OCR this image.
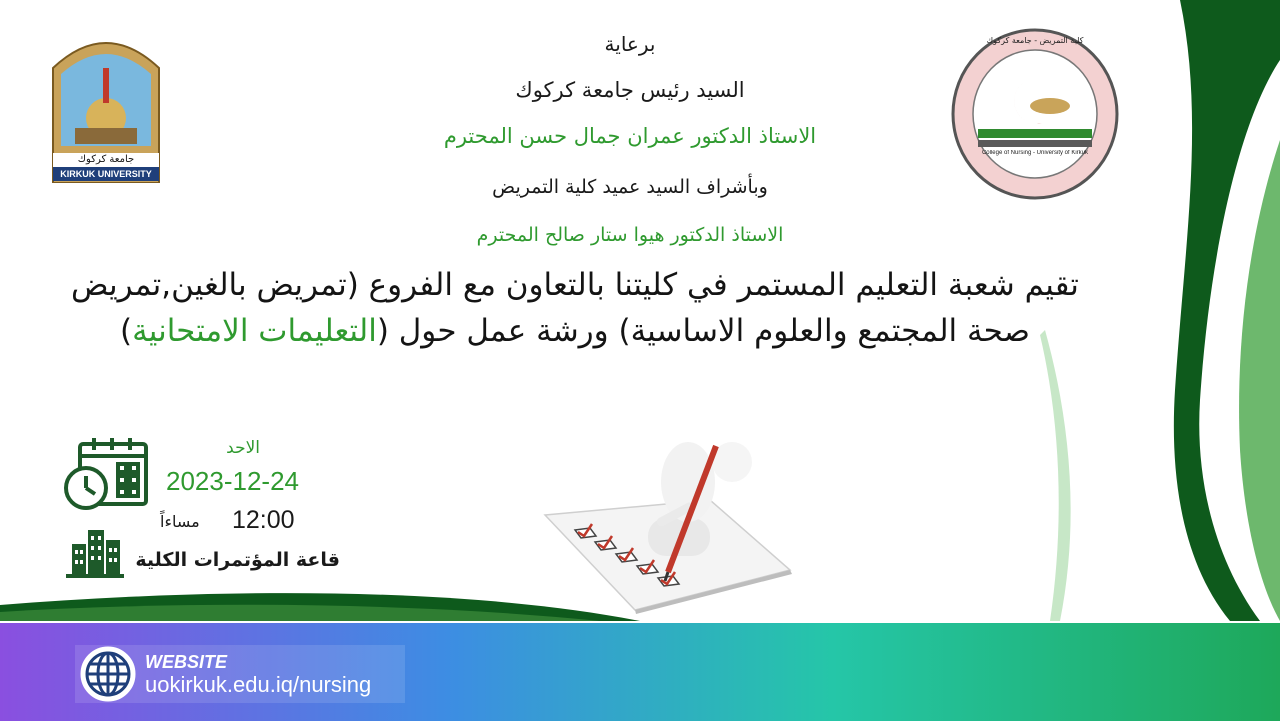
جامعة كركوك
KIRKUK UNIVERSITY
كلية التمريض - جامعة كركوك
College of Nursing - University of Kirkuk
برعاية
السيد رئيس جامعة كركوك
الاستاذ الدكتور عمران جمال حسن المحترم
وبأشراف السيد عميد كلية التمريض
الاستاذ الدكتور هيوا ستار صالح المحترم
تقيم شعبة التعليم المستمر في كليتنا بالتعاون مع الفروع (تمريض بالغين,تمريض صحة المجتمع والعلوم الاساسية) ورشة عمل حول (التعليمات الامتحانية)
الاحد
2023-12-24
مساءاً 12:00
قاعة المؤتمرات الكلية
WEBSITE
uokirkuk.edu.iq/nursing
